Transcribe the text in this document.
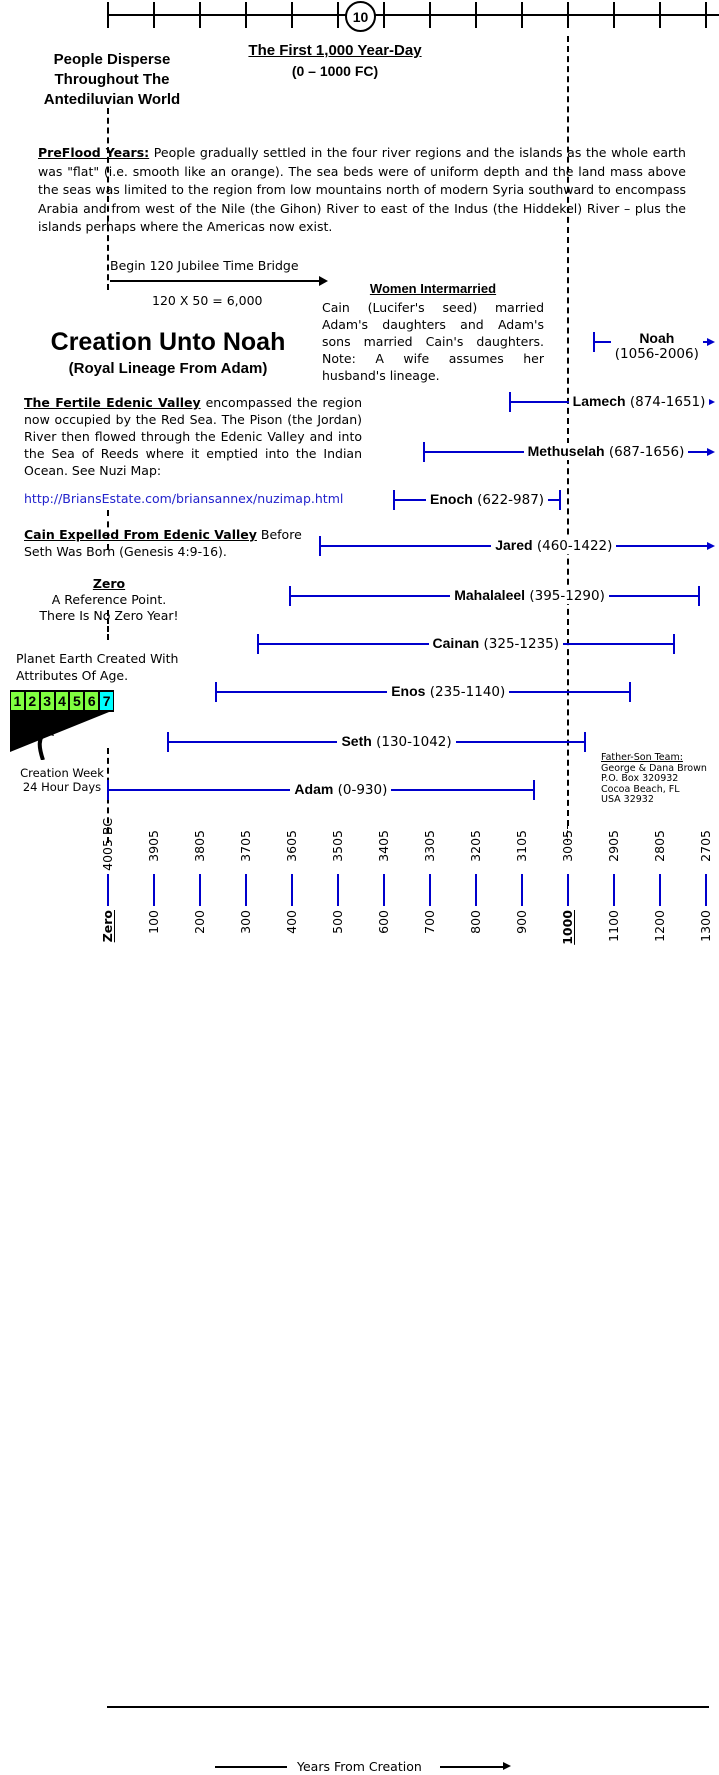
10
People Disperse
Throughout The
Antediluvian World
The First 1,000 Year-Day
(0 – 1000 FC)
PreFlood Years: People gradually settled in the four river regions and the islands as the whole earth was "flat" (i.e. smooth like an orange). The sea beds were of uniform depth and the land mass above the seas was limited to the region from low mountains north of modern Syria southward to encompass Arabia and from west of the Nile (the Gihon) River to east of the Indus (the Hiddekel) River – plus the islands perhaps where the Americas now exist.
Begin 120 Jubilee Time Bridge
120 X 50 = 6,000
Creation Unto Noah
(Royal Lineage From Adam)
Women Intermarried
Cain (Lucifer's seed) married Adam's daughters and Adam's sons married Cain's daughters. Note: A wife assumes her husband's lineage.
The Fertile Edenic Valley encompassed the region now occupied by the Red Sea. The Pison (the Jordan) River then flowed through the Edenic Valley and into the Sea of Reeds where it emptied into the Indian Ocean. See Nuzi Map:
http://BriansEstate.com/briansannex/nuzimap.html
Cain Expelled From Edenic Valley Before Seth Was Born (Genesis 4:9-16).
Zero
A Reference Point.
There Is No Zero Year!
Planet Earth Created With Attributes Of Age.
1 2 3 4 5 6 7
Creation Week
24 Hour Days
Father-Son Team:
George & Dana Brown
P.O. Box 320932
Cocoa Beach, FL
USA 32932
Noah
(1056-2006)
Lamech (874-1651)
Methuselah (687-1656)
Enoch (622-987)
Jared (460-1422)
Mahalaleel (395-1290)
Cainan (325-1235)
Enos (235-1140)
Seth (130-1042)
Adam (0-930)
4005 BC
Zero
3905
100
3805
200
3705
300
3605
400
3505
500
3405
600
3305
700
3205
800
3105
900
3005
1000
2905
1100
2805
1200
2705
1300
Years From Creation
